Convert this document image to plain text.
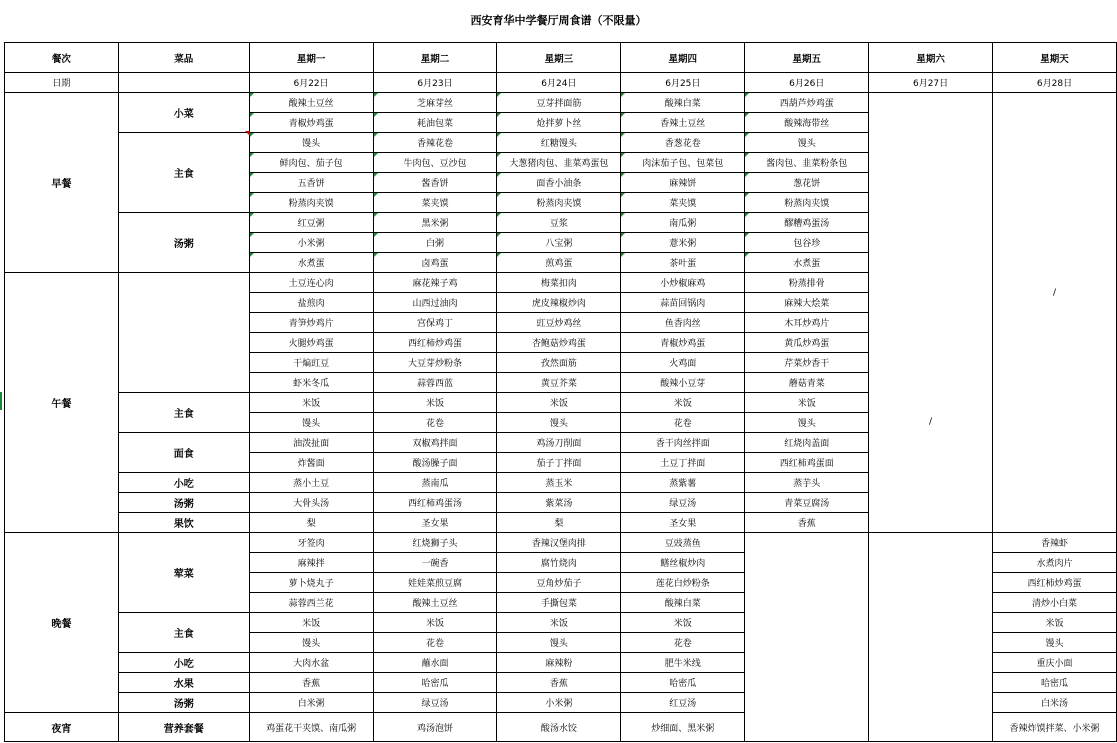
西安育华中学餐厅周食谱（不限量）
餐次	菜品	星期一	星期二	星期三	星期四	星期五	星期六	星期天
日期		6月22日	6月23日	6月24日	6月25日	6月26日	6月27日	6月28日
早餐	小菜	酸辣土豆丝	芝麻芽丝	豆芽拌面筋	酸辣白菜	西葫芦炒鸡蛋		/
		青椒炒鸡蛋	耗油包菜	炝拌萝卜丝	香辣土豆丝	酸辣海带丝		
	主食	馒头	香辣花卷	红糖馒头	香葱花卷	馒头		
		鲜肉包、茄子包	牛肉包、豆沙包	大葱猪肉包、韭菜鸡蛋包	肉沫茄子包、包菜包	酱肉包、韭菜粉条包		
		五香饼	酱香饼	面香小油条	麻辣饼	葱花饼		
		粉蒸肉夹馍	菜夹馍	粉蒸肉夹馍	菜夹馍	粉蒸肉夹馍		
	汤粥	红豆粥	黑米粥	豆浆	南瓜粥	醪糟鸡蛋汤		
		小米粥	白粥	八宝粥	薏米粥	包谷珍		
		水煮蛋	卤鸡蛋	煎鸡蛋	茶叶蛋	水煮蛋		
午餐		土豆连心肉	麻花辣子鸡	梅菜扣肉	小炒椒麻鸡	粉蒸排骨	/	
		盐煎肉	山西过油肉	虎皮辣椒炒肉	蒜苗回锅肉	麻辣大烩菜		
		青笋炒鸡片	宫保鸡丁	豇豆炒鸡丝	鱼香肉丝	木耳炒鸡片		
		火腿炒鸡蛋	西红柿炒鸡蛋	杏鲍菇炒鸡蛋	青椒炒鸡蛋	黄瓜炒鸡蛋		
		干煸豇豆	大豆芽炒粉条	孜然面筋	火鸡面	芹菜炒香干		
		虾米冬瓜	蒜蓉西蓝	黄豆芥菜	酸辣小豆芽	蘑菇青菜		
	主食	米饭	米饭	米饭	米饭	米饭		
		馒头	花卷	馒头	花卷	馒头		
	面食	油泼扯面	双椒鸡拌面	鸡汤刀削面	香干肉丝拌面	红烧肉盖面		
		炸酱面	酸汤臊子面	茄子丁拌面	土豆丁拌面	西红柿鸡蛋面		
	小吃	蒸小土豆	蒸南瓜	蒸玉米	蒸紫薯	蒸芋头		
	汤粥	大骨头汤	西红柿鸡蛋汤	紫菜汤	绿豆汤	青菜豆腐汤		
	果饮	梨	圣女果	梨	圣女果	香蕉		
晚餐	荤菜	牙签肉	红烧狮子头	香辣汉堡肉排	豆豉蒸鱼			香辣虾
		麻辣拌	一碗香	腐竹烧肉	鳝丝椒炒肉			水煮肉片
		萝卜烧丸子	娃娃菜煎豆腐	豆角炒茄子	莲花白炒粉条			西红柿炒鸡蛋
		蒜蓉西兰花	酸辣土豆丝	手撕包菜	酸辣白菜			清炒小白菜
	主食	米饭	米饭	米饭	米饭			米饭
		馒头	花卷	馒头	花卷			馒头
	小吃	大肉水盆	蘸水面	麻辣粉	肥牛米线			重庆小面
	水果	香蕉	哈密瓜	香蕉	哈密瓜			哈密瓜
	汤粥	白米粥	绿豆汤	小米粥	红豆汤			白米汤
夜宵	营养套餐	鸡蛋花干夹馍、南瓜粥	鸡汤泡饼	酸汤水饺	炒细面、黑米粥			香辣炸馍拌菜、小米粥
